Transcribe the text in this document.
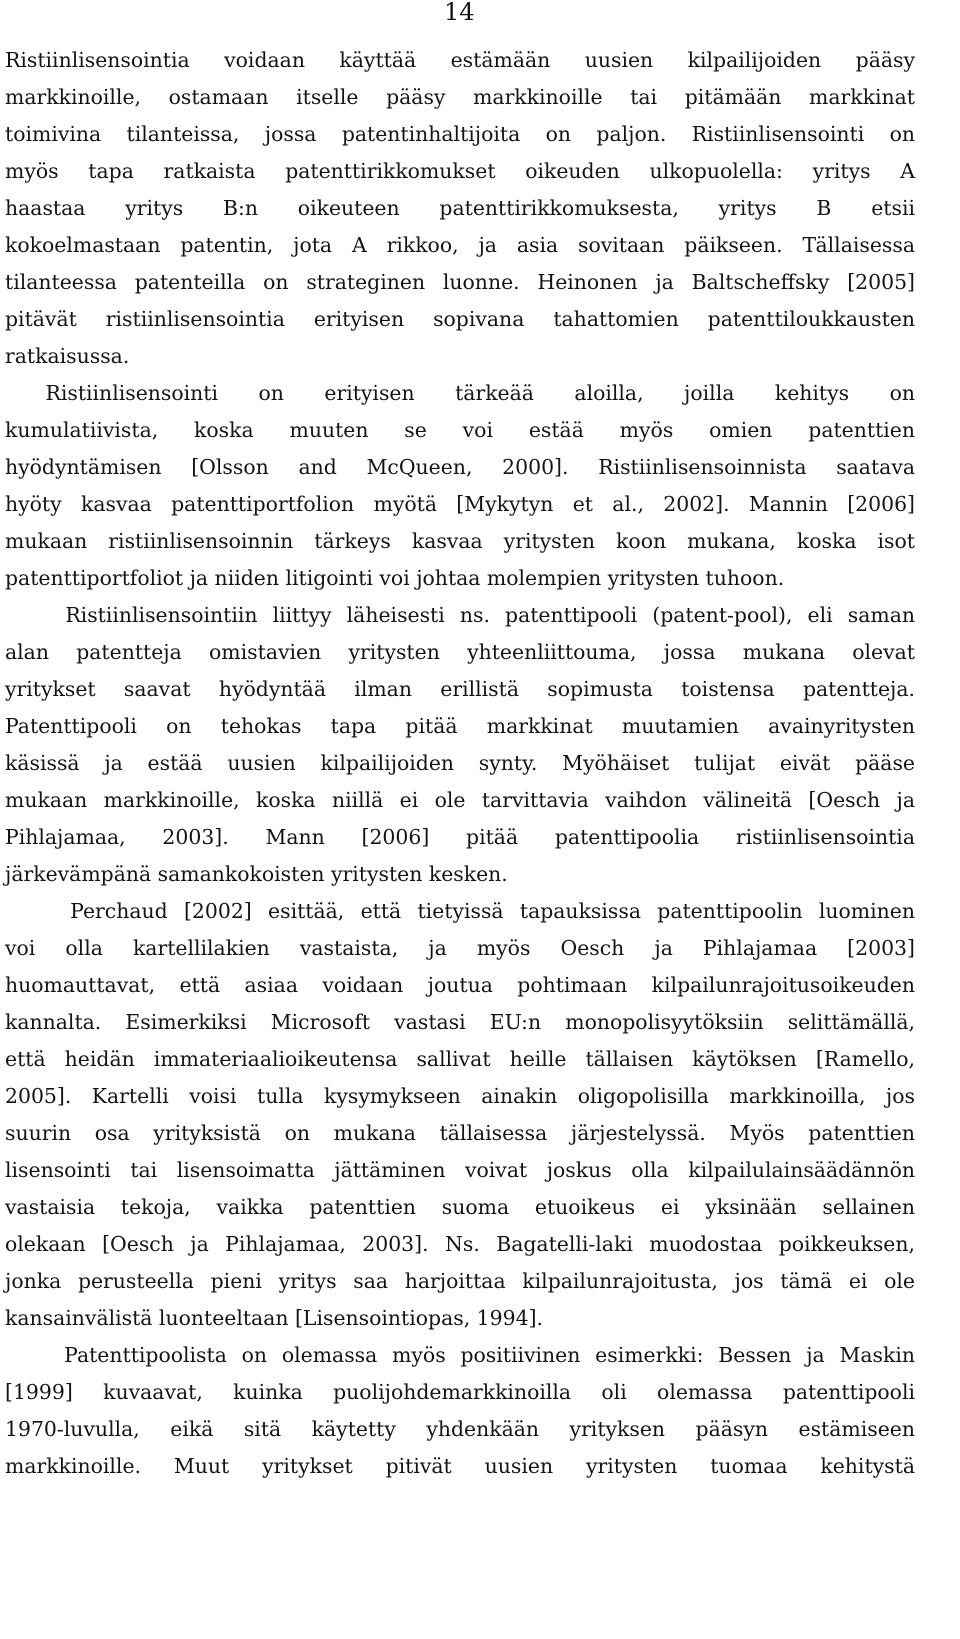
14
Ristiinlisensointia voidaan käyttää estämään uusien kilpailijoiden pääsy
markkinoille, ostamaan itselle pääsy markkinoille tai pitämään markkinat
toimivina tilanteissa, jossa patentinhaltijoita on paljon. Ristiinlisensointi on
myös tapa ratkaista patenttirikkomukset oikeuden ulkopuolella: yritys A
haastaa yritys B:n oikeuteen patenttirikkomuksesta, yritys B etsii
kokoelmastaan patentin, jota A rikkoo, ja asia sovitaan päikseen. Tällaisessa
tilanteessa patenteilla on strateginen luonne. Heinonen ja Baltscheffsky [2005]
pitävät ristiinlisensointia erityisen sopivana tahattomien patenttiloukkausten
ratkaisussa.
Ristiinlisensointi on erityisen tärkeää aloilla, joilla kehitys on
kumulatiivista, koska muuten se voi estää myös omien patenttien
hyödyntämisen [Olsson and McQueen, 2000]. Ristiinlisensoinnista saatava
hyöty kasvaa patenttiportfolion myötä [Mykytyn et al., 2002]. Mannin [2006]
mukaan ristiinlisensoinnin tärkeys kasvaa yritysten koon mukana, koska isot
patenttiportfoliot ja niiden litigointi voi johtaa molempien yritysten tuhoon.
Ristiinlisensointiin liittyy läheisesti ns. patenttipooli (patent-pool), eli saman
alan patentteja omistavien yritysten yhteenliittouma, jossa mukana olevat
yritykset saavat hyödyntää ilman erillistä sopimusta toistensa patentteja.
Patenttipooli on tehokas tapa pitää markkinat muutamien avainyritysten
käsissä ja estää uusien kilpailijoiden synty. Myöhäiset tulijat eivät pääse
mukaan markkinoille, koska niillä ei ole tarvittavia vaihdon välineitä [Oesch ja
Pihlajamaa, 2003]. Mann [2006] pitää patenttipoolia ristiinlisensointia
järkevämpänä samankokoisten yritysten kesken.
Perchaud [2002] esittää, että tietyissä tapauksissa patenttipoolin luominen
voi olla kartellilakien vastaista, ja myös Oesch ja Pihlajamaa [2003]
huomauttavat, että asiaa voidaan joutua pohtimaan kilpailunrajoitusoikeuden
kannalta. Esimerkiksi Microsoft vastasi EU:n monopolisyytöksiin selittämällä,
että heidän immateriaalioikeutensa sallivat heille tällaisen käytöksen [Ramello,
2005]. Kartelli voisi tulla kysymykseen ainakin oligopolisilla markkinoilla, jos
suurin osa yrityksistä on mukana tällaisessa järjestelyssä. Myös patenttien
lisensointi tai lisensoimatta jättäminen voivat joskus olla kilpailulainsäädännön
vastaisia tekoja, vaikka patenttien suoma etuoikeus ei yksinään sellainen
olekaan [Oesch ja Pihlajamaa, 2003]. Ns. Bagatelli-laki muodostaa poikkeuksen,
jonka perusteella pieni yritys saa harjoittaa kilpailunrajoitusta, jos tämä ei ole
kansainvälistä luonteeltaan [Lisensointiopas, 1994].
Patenttipoolista on olemassa myös positiivinen esimerkki: Bessen ja Maskin
[1999] kuvaavat, kuinka puolijohdemarkkinoilla oli olemassa patenttipooli
1970-luvulla, eikä sitä käytetty yhdenkään yrityksen pääsyn estämiseen
markkinoille. Muut yritykset pitivät uusien yritysten tuomaa kehitystä
